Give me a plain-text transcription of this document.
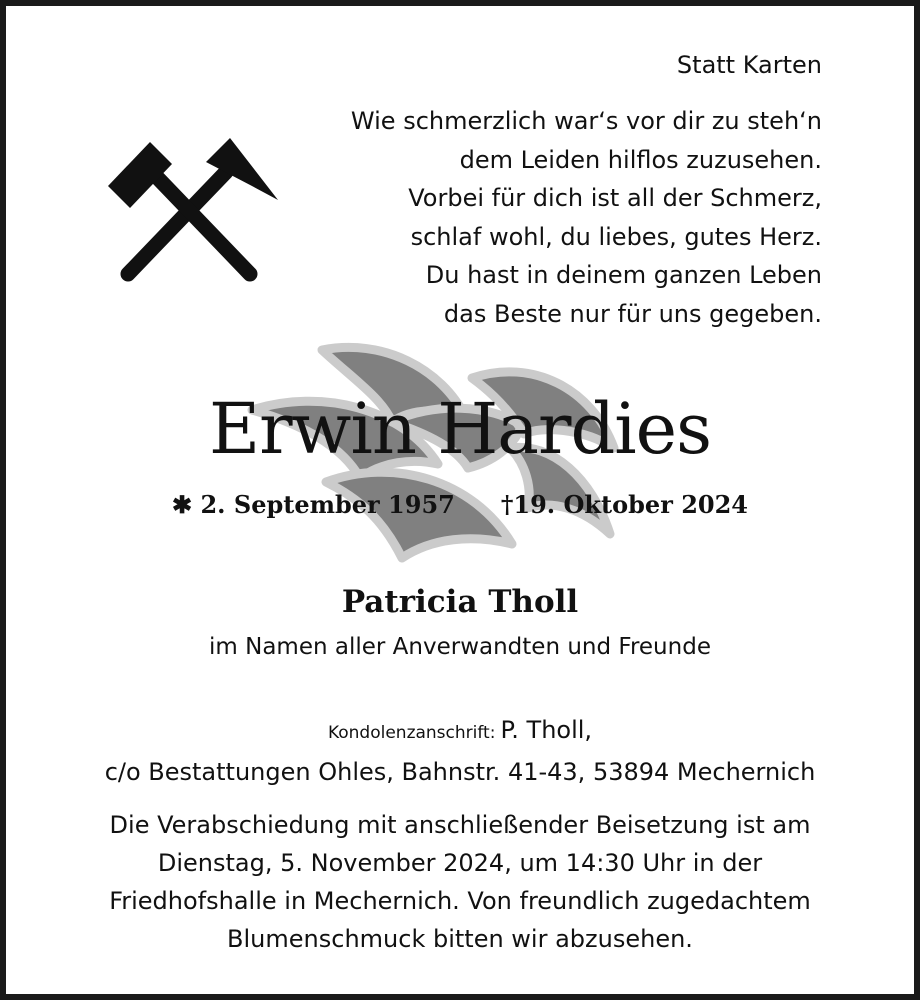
Statt Karten
Wie schmerzlich war‘s vor dir zu steh‘n
dem Leiden hilflos zuzusehen.
Vorbei für dich ist all der Schmerz,
schlaf wohl, du liebes, gutes Herz.
Du hast in deinem ganzen Leben
das Beste nur für uns gegeben.
Erwin Hardies
✱ 2. September 1957 †19. Oktober 2024
Patricia Tholl
im Namen aller Anverwandten und Freunde
Kondolenzanschrift: P. Tholl,
c/o Bestattungen Ohles, Bahnstr. 41-43, 53894 Mechernich
Die Verabschiedung mit anschließender Beisetzung ist am
Dienstag, 5. November 2024, um 14:30 Uhr in der
Friedhofshalle in Mechernich. Von freundlich zugedachtem
Blumenschmuck bitten wir abzusehen.
